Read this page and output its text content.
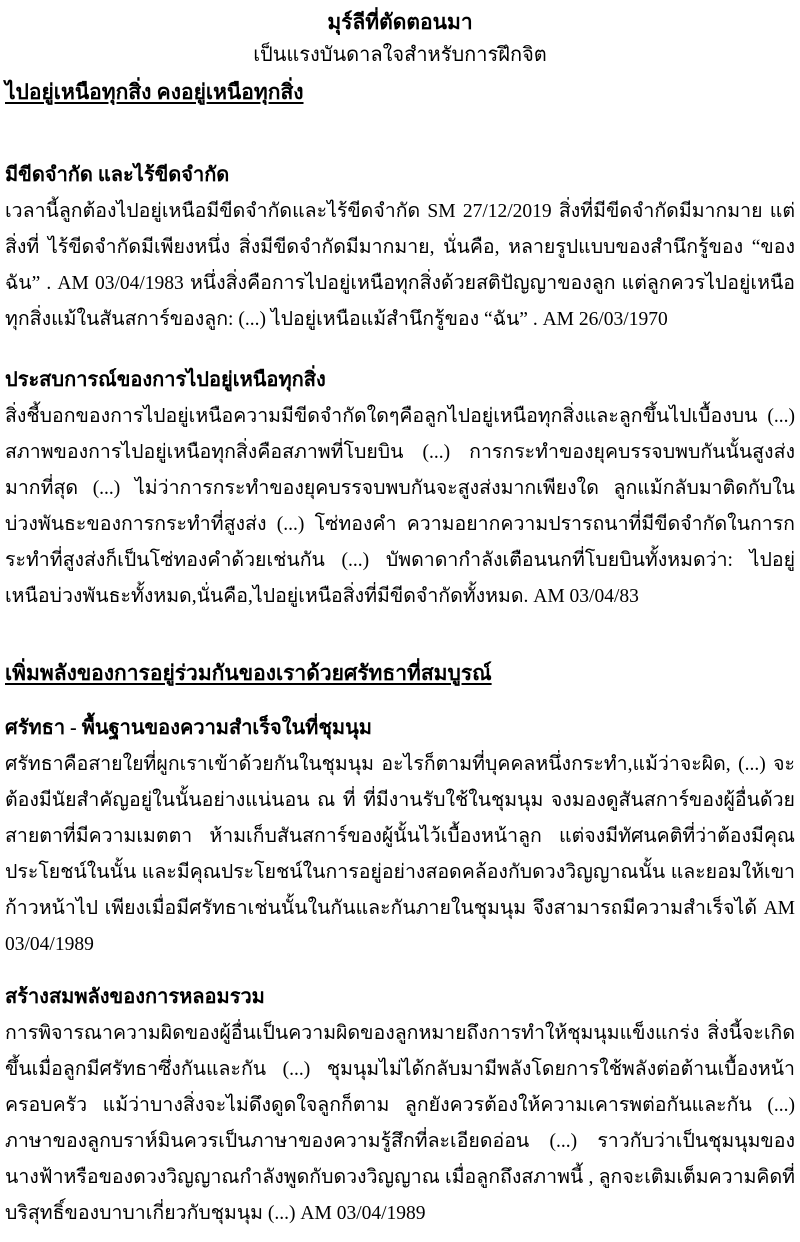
มุร์ลีที่ตัดตอนมา
เป็นแรงบันดาลใจสำหรับการฝึกจิต
ไปอยู่เหนือทุกสิ่ง คงอยู่เหนือทุกสิ่ง
มีขีดจำกัด และไร้ขีดจำกัด
เวลานี้ลูกต้องไปอยู่เหนือมีขีดจำกัดและไร้ขีดจำกัด SM 27/12/2019 สิ่งที่มีขีดจำกัดมีมากมาย แต่สิ่งที่ ไร้ขีดจำกัดมีเพียงหนึ่ง สิ่งมีขีดจำกัดมีมากมาย, นั่นคือ, หลายรูปแบบของสำนึกรู้ของ “ของฉัน” . AM 03/04/1983 หนึ่งสิ่งคือการไปอยู่เหนือทุกสิ่งด้วยสติปัญญาของลูก แต่ลูกควรไปอยู่เหนือทุกสิ่งแม้ในสันสการ์ของลูก: (...) ไปอยู่เหนือแม้สำนึกรู้ของ “ฉัน” . AM 26/03/1970
ประสบการณ์ของการไปอยู่เหนือทุกสิ่ง
สิ่งชี้บอกของการไปอยู่เหนือความมีขีดจำกัดใดๆคือลูกไปอยู่เหนือทุกสิ่งและลูกขึ้นไปเบื้องบน (...) สภาพของการไปอยู่เหนือทุกสิ่งคือสภาพที่โบยบิน (...) การกระทำของยุคบรรจบพบกันนั้นสูงส่งมากที่สุด (...) ไม่ว่าการกระทำของยุคบรรจบพบกันจะสูงส่งมากเพียงใด ลูกแม้กลับมาติดกับในบ่วงพันธะของการกระทำที่สูงส่ง (...) โซ่ทองคำ ความอยากความปรารถนาที่มีขีดจำกัดในการกระทำที่สูงส่งก็เป็นโซ่ทองคำด้วยเช่นกัน (...) บัพดาดากำลังเตือนนกที่โบยบินทั้งหมดว่า: ไปอยู่เหนือบ่วงพันธะทั้งหมด,นั่นคือ,ไปอยู่เหนือสิ่งที่มีขีดจำกัดทั้งหมด. AM 03/04/83
เพิ่มพลังของการอยู่ร่วมกันของเราด้วยศรัทธาที่สมบูรณ์
ศรัทธา - พื้นฐานของความสำเร็จในที่ชุมนุม
ศรัทธาคือสายใยที่ผูกเราเข้าด้วยกันในชุมนุม อะไรก็ตามที่บุคคลหนึ่งกระทำ,แม้ว่าจะผิด, (...) จะต้องมีนัยสำคัญอยู่ในนั้นอย่างแน่นอน ณ ที่ ที่มีงานรับใช้ในชุมนุม จงมองดูสันสการ์ของผู้อื่นด้วยสายตาที่มีความเมตตา ห้ามเก็บสันสการ์ของผู้นั้นไว้เบื้องหน้าลูก แต่จงมีทัศนคติที่ว่าต้องมีคุณประโยชน์ในนั้น และมีคุณประโยชน์ในการอยู่อย่างสอดคล้องกับดวงวิญญาณนั้น และยอมให้เขาก้าวหน้าไป เพียงเมื่อมีศรัทธาเช่นนั้นในกันและกันภายในชุมนุม จึงสามารถมีความสำเร็จได้ AM 03/04/1989
สร้างสมพลังของการหลอมรวม
การพิจารณาความผิดของผู้อื่นเป็นความผิดของลูกหมายถึงการทำให้ชุมนุมแข็งแกร่ง สิ่งนี้จะเกิดขึ้นเมื่อลูกมีศรัทธาซึ่งกันและกัน (...) ชุมนุมไม่ได้กลับมามีพลังโดยการใช้พลังต่อต้านเบื้องหน้าครอบครัว แม้ว่าบางสิ่งจะไม่ดึงดูดใจลูกก็ตาม ลูกยังควรต้องให้ความเคารพต่อกันและกัน (...) ภาษาของลูกบราห์มินควรเป็นภาษาของความรู้สึกที่ละเอียดอ่อน (...) ราวกับว่าเป็นชุมนุมของนางฟ้าหรือของดวงวิญญาณกำลังพูดกับดวงวิญญาณ เมื่อลูกถึงสภาพนี้ , ลูกจะเติมเต็มความคิดที่บริสุทธิ์ของบาบาเกี่ยวกับชุมนุม (...) AM 03/04/1989
